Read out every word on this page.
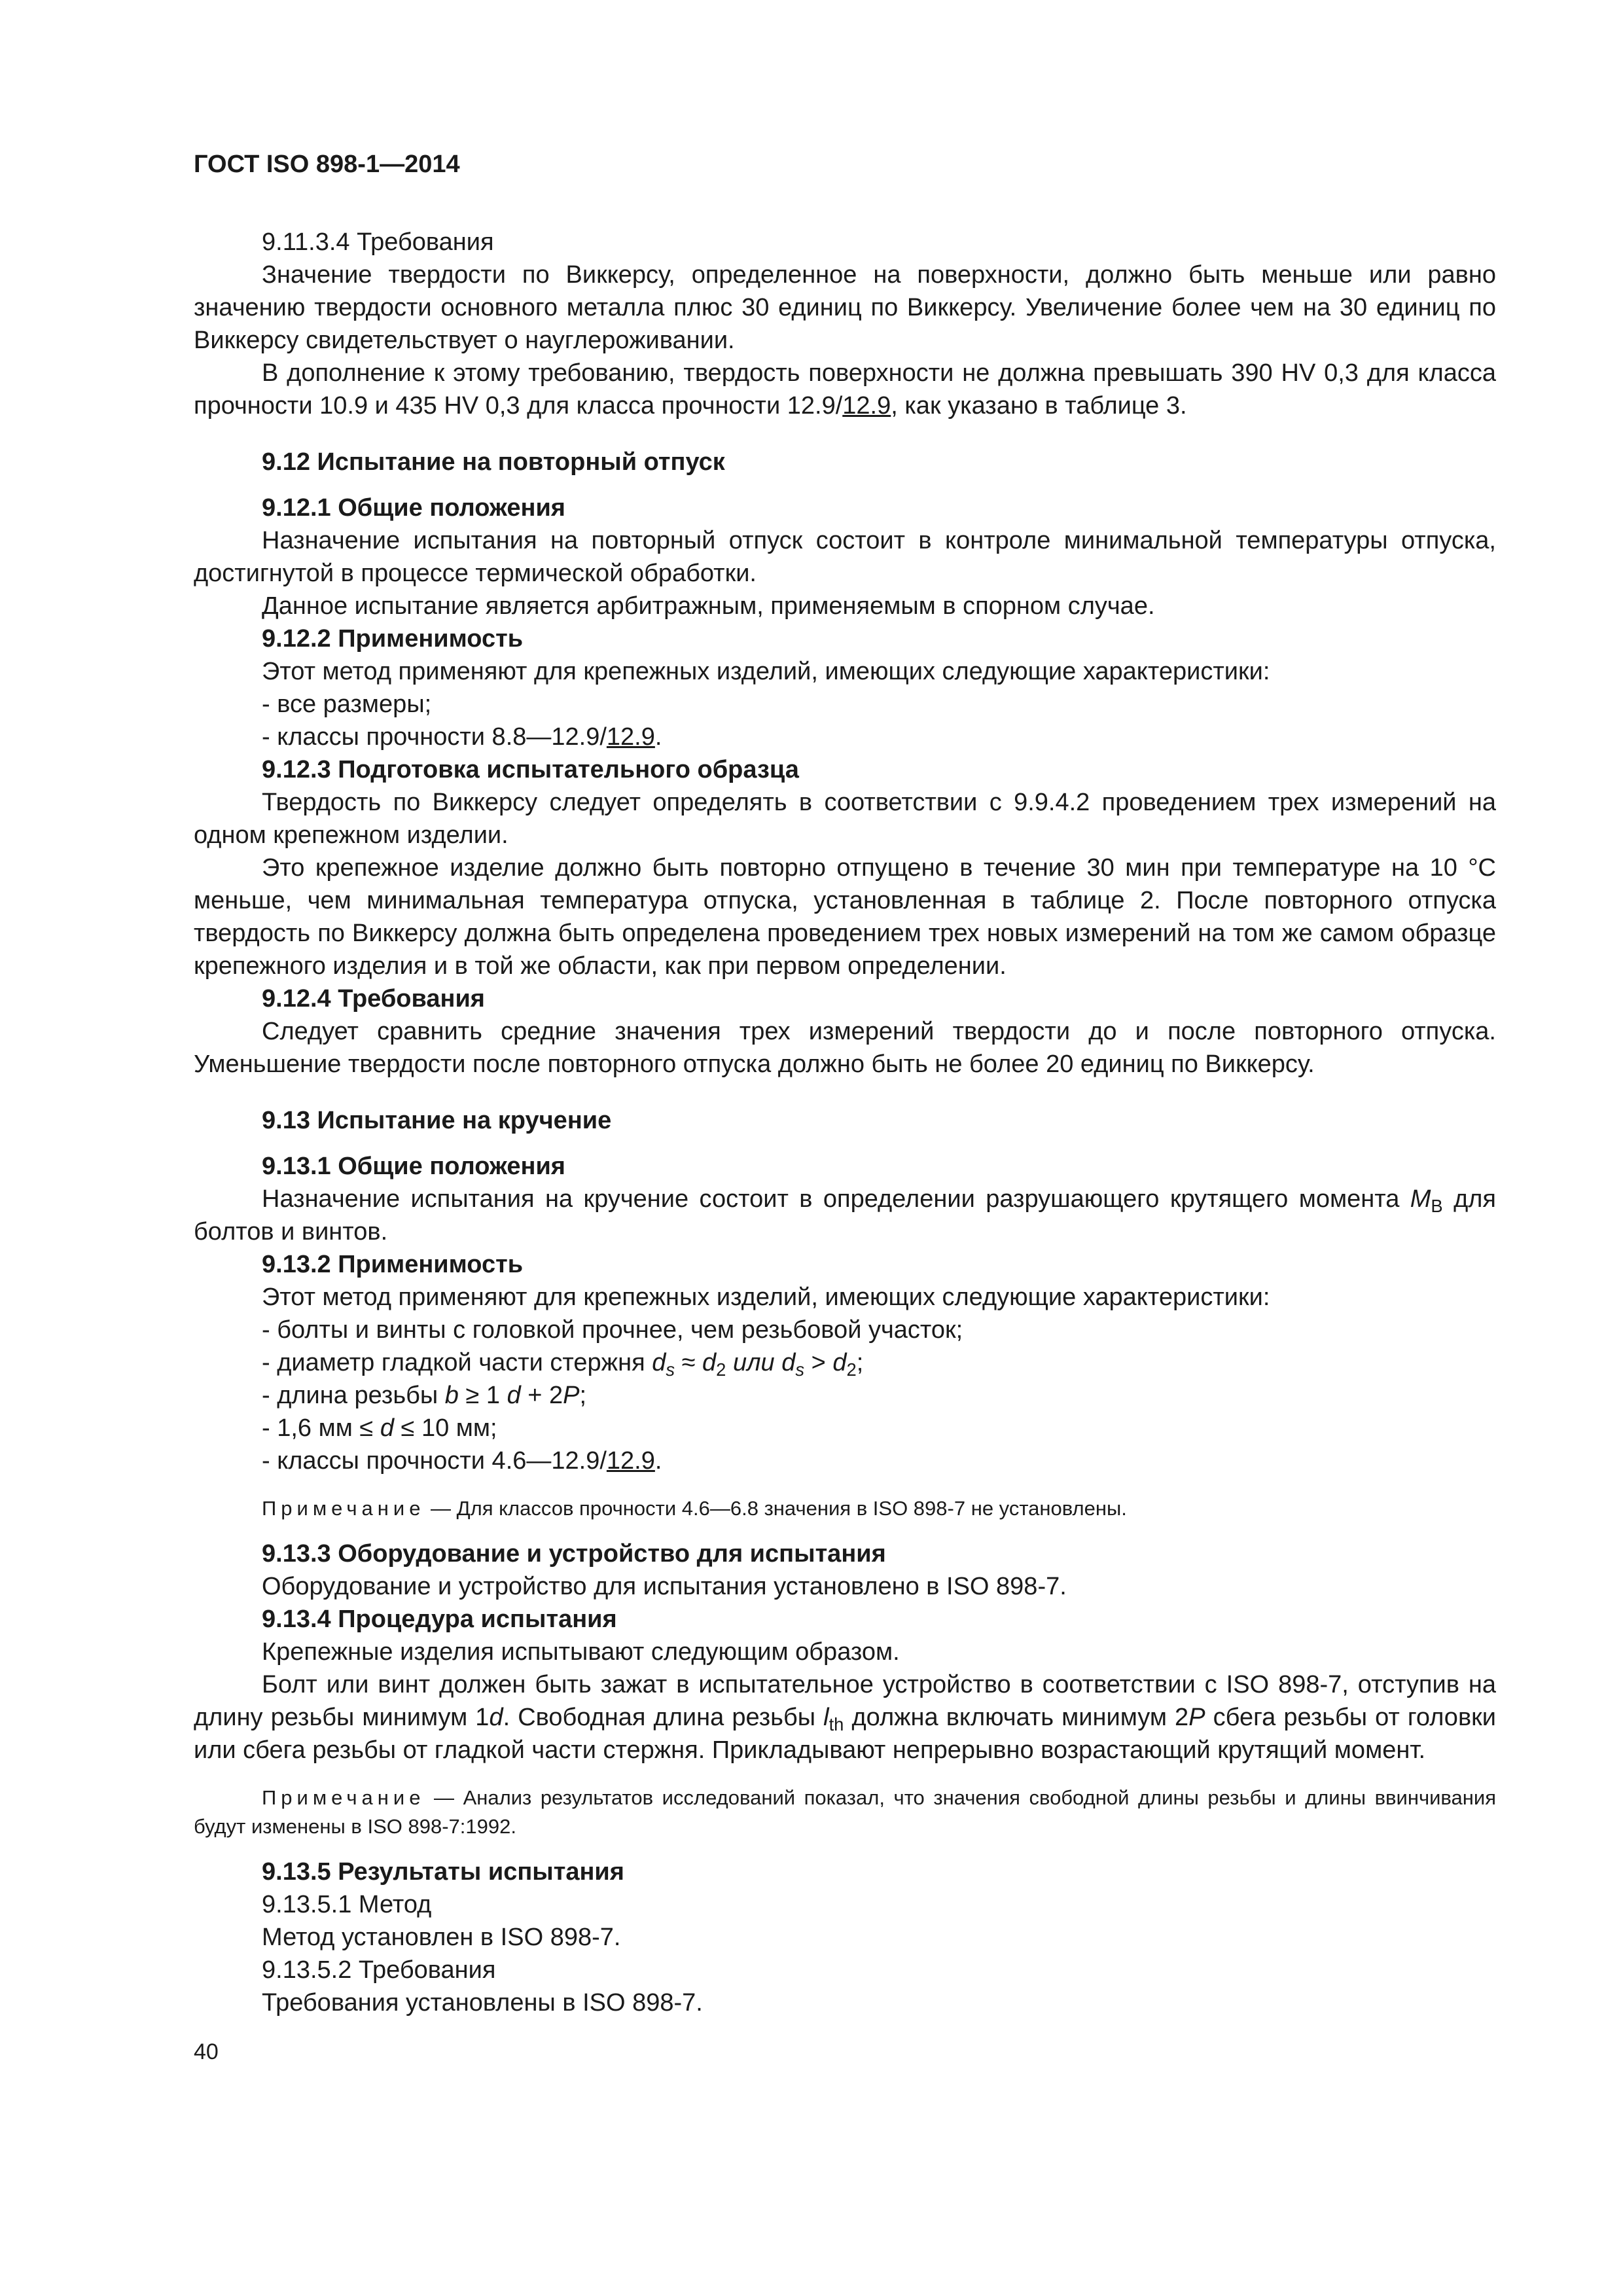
ГОСТ ISO 898-1—2014

9.11.3.4 Требования

Значение твердости по Виккерсу, определенное на поверхности, должно быть меньше или равно значению твердости основного металла плюс 30 единиц по Виккерсу. Увеличение более чем на 30 единиц по Виккерсу свидетельствует о науглероживании.

В дополнение к этому требованию, твердость поверхности не должна превышать 390 HV 0,3 для класса прочности 10.9 и 435 HV 0,3 для класса прочности 12.9/12.9, как указано в таблице 3.

9.12 Испытание на повторный отпуск

9.12.1 Общие положения

Назначение испытания на повторный отпуск состоит в контроле минимальной температуры отпуска, достигнутой в процессе термической обработки.

Данное испытание является арбитражным, применяемым в спорном случае.

9.12.2 Применимость

Этот метод применяют для крепежных изделий, имеющих следующие характеристики:

- все размеры;

- классы прочности 8.8—12.9/12.9.

9.12.3 Подготовка испытательного образца

Твердость по Виккерсу следует определять в соответствии с 9.9.4.2 проведением трех измерений на одном крепежном изделии.

Это крепежное изделие должно быть повторно отпущено в течение 30 мин при температуре на 10 °С меньше, чем минимальная температура отпуска, установленная в таблице 2. После повторного отпуска твердость по Виккерсу должна быть определена проведением трех новых измерений на том же самом образце крепежного изделия и в той же области, как при первом определении.

9.12.4 Требования

Следует сравнить средние значения трех измерений твердости до и после повторного отпуска. Уменьшение твердости после повторного отпуска должно быть не более 20 единиц по Виккерсу.

9.13 Испытание на кручение

9.13.1 Общие положения

Назначение испытания на кручение состоит в определении разрушающего крутящего момента $M_B$ для болтов и винтов.

9.13.2 Применимость

Этот метод применяют для крепежных изделий, имеющих следующие характеристики:

- болты и винты с головкой прочнее, чем резьбовой участок;

- диаметр гладкой части стержня $d_s \approx d_2$ или $d_s > d_2$;

- длина резьбы b ≥ 1 d + 2P;

- 1,6 мм ≤ d ≤ 10 мм;

- классы прочности 4.6—12.9/12.9.

Примечание — Для классов прочности 4.6—6.8 значения в ISO 898-7 не установлены.

9.13.3 Оборудование и устройство для испытания

Оборудование и устройство для испытания установлено в ISO 898-7.

9.13.4 Процедура испытания

Крепежные изделия испытывают следующим образом.

Болт или винт должен быть зажат в испытательное устройство в соответствии с ISO 898-7, отступив на длину резьбы минимум 1d. Свободная длина резьбы $l_{th}$ должна включать минимум 2P сбега резьбы от головки или сбега резьбы от гладкой части стержня. Прикладывают непрерывно возрастающий крутящий момент.

Примечание — Анализ результатов исследований показал, что значения свободной длины резьбы и длины ввинчивания будут изменены в ISO 898-7:1992.

9.13.5 Результаты испытания

9.13.5.1 Метод

Метод установлен в ISO 898-7.

9.13.5.2 Требования

Требования установлены в ISO 898-7.

40
